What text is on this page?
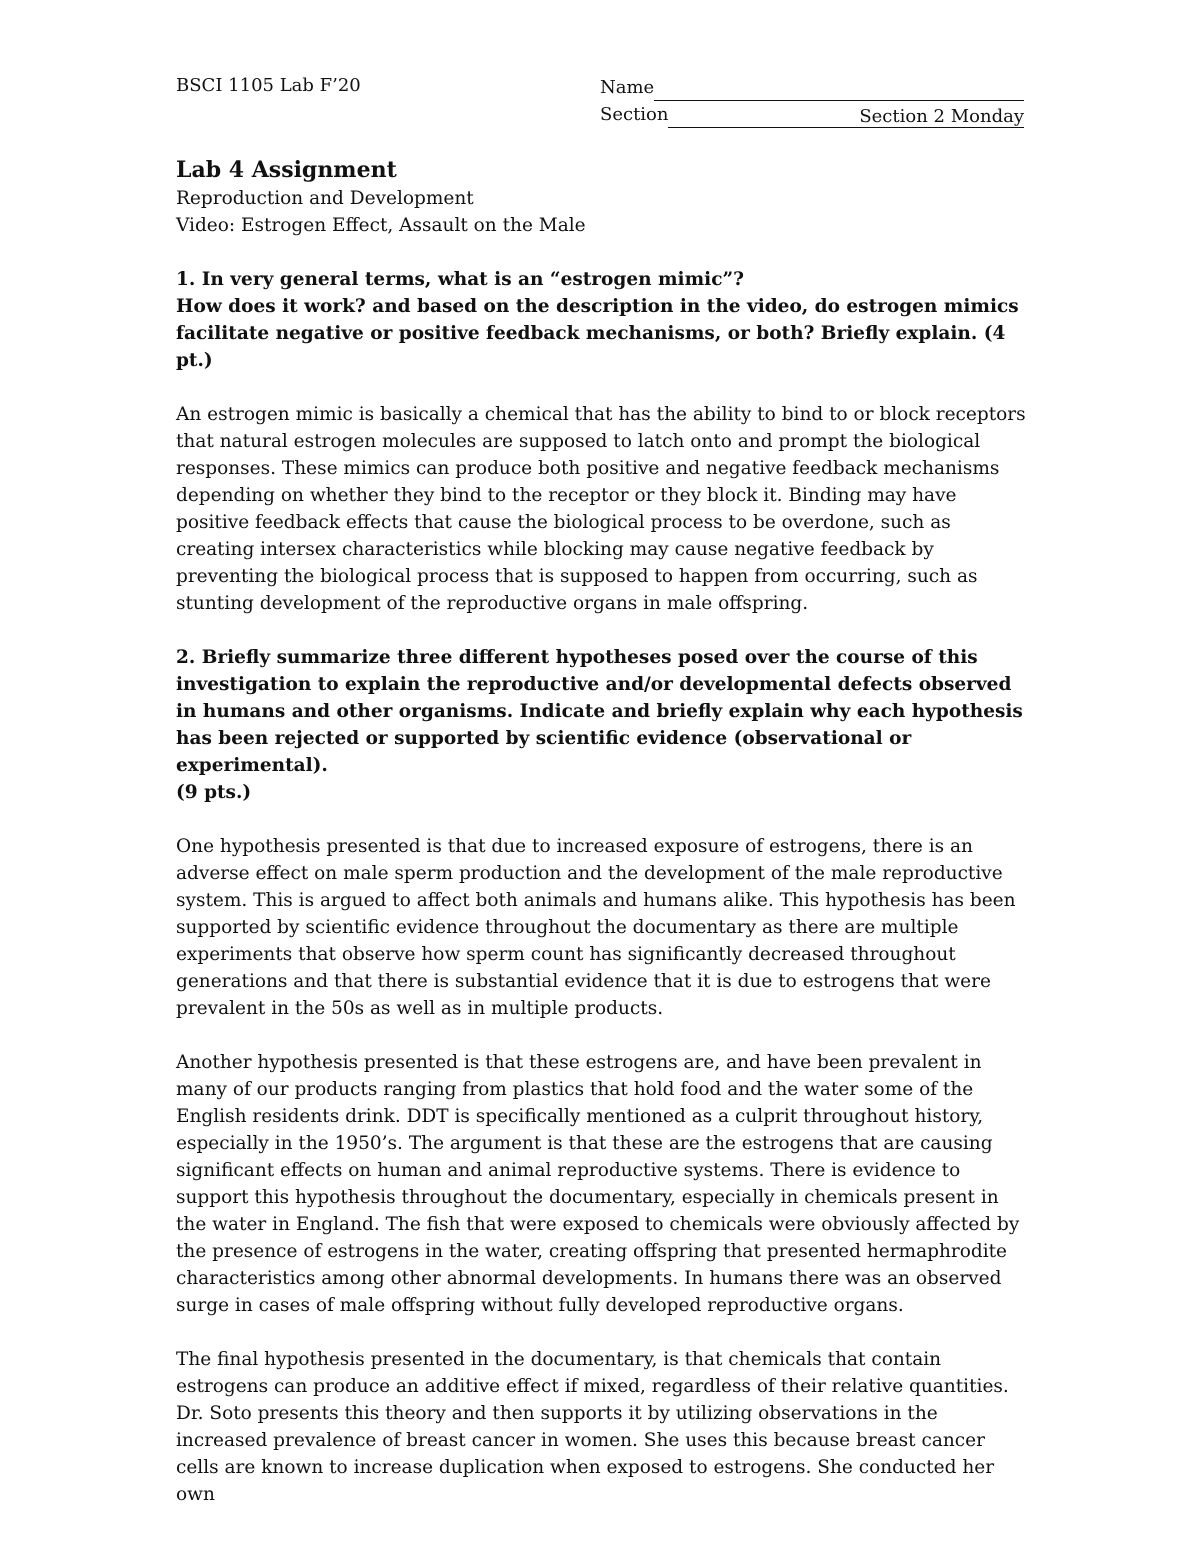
BSCI 1105 Lab F’20	Name
Section	Section 2 Monday

Lab 4 Assignment

Reproduction and Development

Video: Estrogen Effect, Assault on the Male

1. In very general terms, what is an “estrogen mimic”?

How does it work? and based on the description in the video, do estrogen mimics facilitate negative or positive feedback mechanisms, or both? Briefly explain. (4 pt.)

An estrogen mimic is basically a chemical that has the ability to bind to or block receptors that natural estrogen molecules are supposed to latch onto and prompt the biological responses. These mimics can produce both positive and negative feedback mechanisms depending on whether they bind to the receptor or they block it. Binding may have positive feedback effects that cause the biological process to be overdone, such as creating intersex characteristics while blocking may cause negative feedback by preventing the biological process that is supposed to happen from occurring, such as stunting development of the reproductive organs in male offspring.

2. Briefly summarize three different hypotheses posed over the course of this investigation to explain the reproductive and/or developmental defects observed in humans and other organisms. Indicate and briefly explain why each hypothesis has been rejected or supported by scientific evidence (observational or experimental).

(9 pts.)

One hypothesis presented is that due to increased exposure of estrogens, there is an adverse effect on male sperm production and the development of the male reproductive system. This is argued to affect both animals and humans alike. This hypothesis has been supported by scientific evidence throughout the documentary as there are multiple experiments that observe how sperm count has significantly decreased throughout generations and that there is substantial evidence that it is due to estrogens that were prevalent in the 50s as well as in multiple products.

Another hypothesis presented is that these estrogens are, and have been prevalent in many of our products ranging from plastics that hold food and the water some of the English residents drink. DDT is specifically mentioned as a culprit throughout history, especially in the 1950’s. The argument is that these are the estrogens that are causing significant effects on human and animal reproductive systems. There is evidence to support this hypothesis throughout the documentary, especially in chemicals present in the water in England. The fish that were exposed to chemicals were obviously affected by the presence of estrogens in the water, creating offspring that presented hermaphrodite characteristics among other abnormal developments. In humans there was an observed surge in cases of male offspring without fully developed reproductive organs.

The final hypothesis presented in the documentary, is that chemicals that contain estrogens can produce an additive effect if mixed, regardless of their relative quantities. Dr. Soto presents this theory and then supports it by utilizing observations in the increased prevalence of breast cancer in women. She uses this because breast cancer cells are known to increase duplication when exposed to estrogens. She conducted her own
